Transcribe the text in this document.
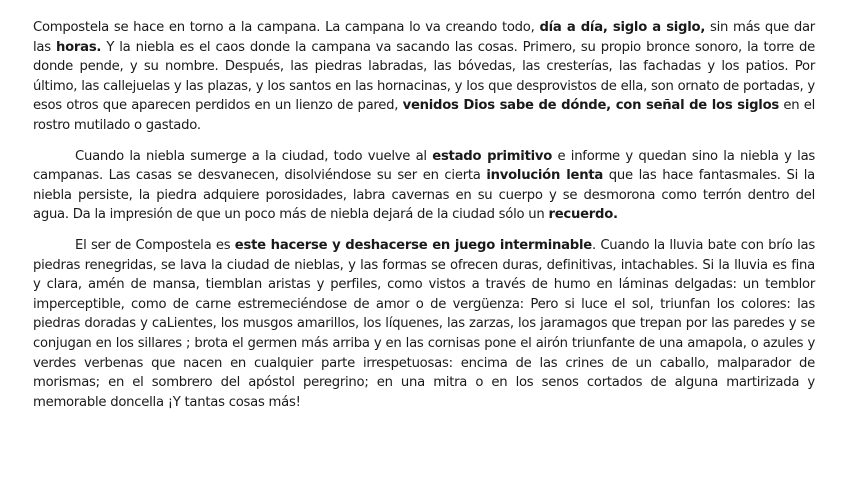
Compostela se hace en torno a la campana. La campana lo va creando todo, día a día, siglo a siglo, sin más que dar las horas. Y la niebla es el caos donde la campana va sacando las cosas. Primero, su propio bronce sonoro, la torre de donde pende, y su nombre. Después, las piedras labradas, las bóvedas, las cresterías, las fachadas y los patios. Por último, las callejuelas y las plazas, y los santos en las hornacinas, y los que desprovistos de ella, son ornato de portadas, y esos otros que aparecen perdidos en un lienzo de pared, venidos Dios sabe de dónde, con señal de los siglos en el rostro mutilado o gastado.

Cuando la niebla sumerge a la ciudad, todo vuelve al estado primitivo e informe y quedan sino la niebla y las campanas. Las casas se desvanecen, disolviéndose su ser en cierta involución lenta que las hace fantasmales. Si la niebla persiste, la piedra adquiere porosidades, labra cavernas en su cuerpo y se desmorona como terrón dentro del agua. Da la impresión de que un poco más de niebla dejará de la ciudad sólo un recuerdo.

El ser de Compostela es este hacerse y deshacerse en juego interminable. Cuando la lluvia bate con brío las piedras renegridas, se lava la ciudad de nieblas, y las formas se ofrecen duras, definitivas, intachables. Si la lluvia es fina y clara, amén de mansa, tiemblan aristas y perfiles, como vistos a través de humo en láminas delgadas: un temblor imperceptible, como de carne estremeciéndose de amor o de vergüenza: Pero si luce el sol, triunfan los colores: las piedras doradas y caLientes, los musgos amarillos, los líquenes, las zarzas, los jaramagos que trepan por las paredes y se conjugan en los sillares ; brota el germen más arriba y en las cornisas pone el airón triunfante de una amapola, o azules y verdes verbenas que nacen en cualquier parte irrespetuosas: encima de las crines de un caballo, malparador de morismas; en el sombrero del apóstol peregrino; en una mitra o en los senos cortados de alguna martirizada y memorable doncella ¡Y tantas cosas más!
